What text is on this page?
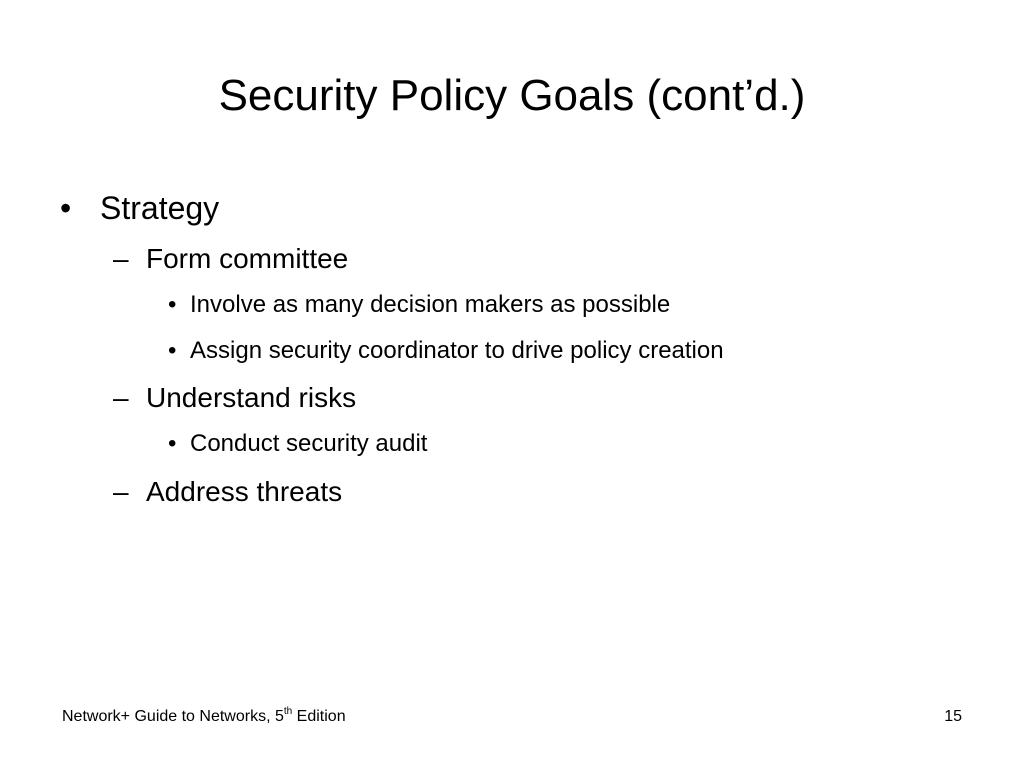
Security Policy Goals (cont’d.)
• Strategy
– Form committee
• Involve as many decision makers as possible
• Assign security coordinator to drive policy creation
– Understand risks
• Conduct security audit
– Address threats
Network+ Guide to Networks, 5th Edition	15
